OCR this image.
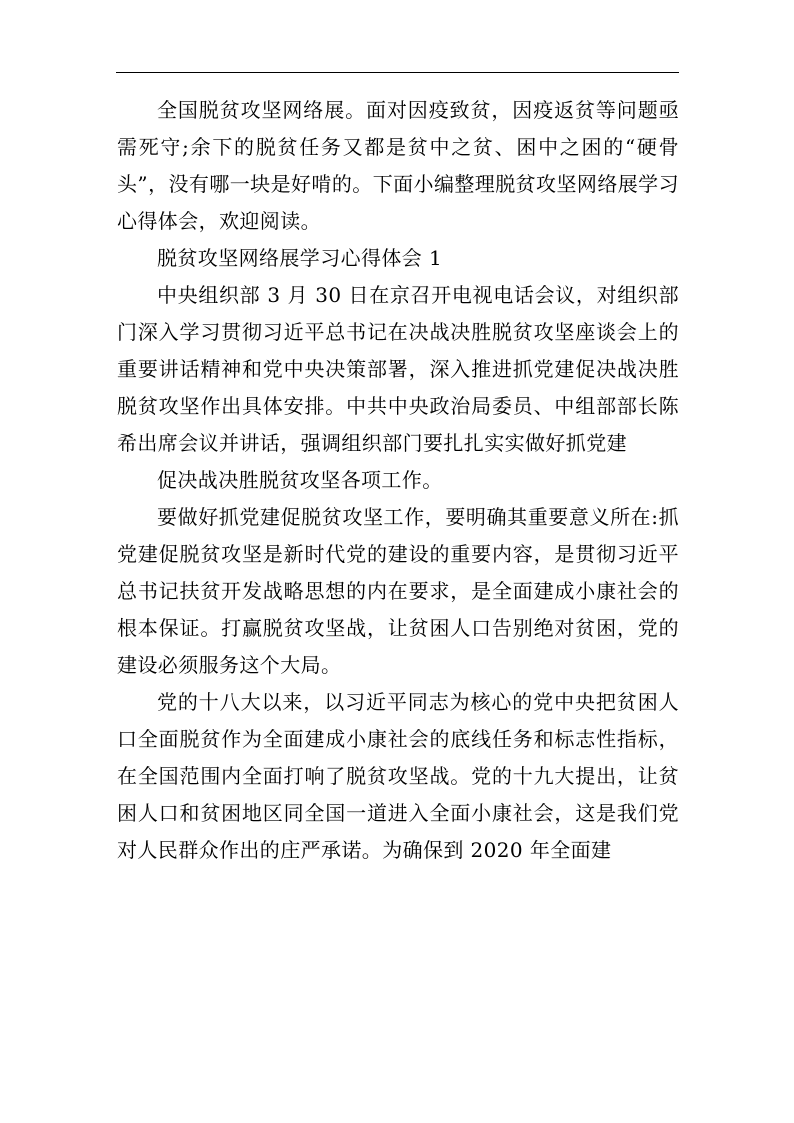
全国脱贫攻坚网络展。面对因疫致贫，因疫返贫等问题亟需死守;余下的脱贫任务又都是贫中之贫、困中之困的“硬骨头”，没有哪一块是好啃的。下面小编整理脱贫攻坚网络展学习心得体会，欢迎阅读。

脱贫攻坚网络展学习心得体会 1

中央组织部 3 月 30 日在京召开电视电话会议，对组织部门深入学习贯彻习近平总书记在决战决胜脱贫攻坚座谈会上的重要讲话精神和党中央决策部署，深入推进抓党建促决战决胜脱贫攻坚作出具体安排。中共中央政治局委员、中组部部长陈希出席会议并讲话，强调组织部门要扎扎实实做好抓党建

促决战决胜脱贫攻坚各项工作。

要做好抓党建促脱贫攻坚工作，要明确其重要意义所在:抓党建促脱贫攻坚是新时代党的建设的重要内容，是贯彻习近平总书记扶贫开发战略思想的内在要求，是全面建成小康社会的根本保证。打赢脱贫攻坚战，让贫困人口告别绝对贫困，党的建设必须服务这个大局。

党的十八大以来，以习近平同志为核心的党中央把贫困人口全面脱贫作为全面建成小康社会的底线任务和标志性指标，在全国范围内全面打响了脱贫攻坚战。党的十九大提出，让贫困人口和贫困地区同全国一道进入全面小康社会，这是我们党对人民群众作出的庄严承诺。为确保到 2020 年全面建
